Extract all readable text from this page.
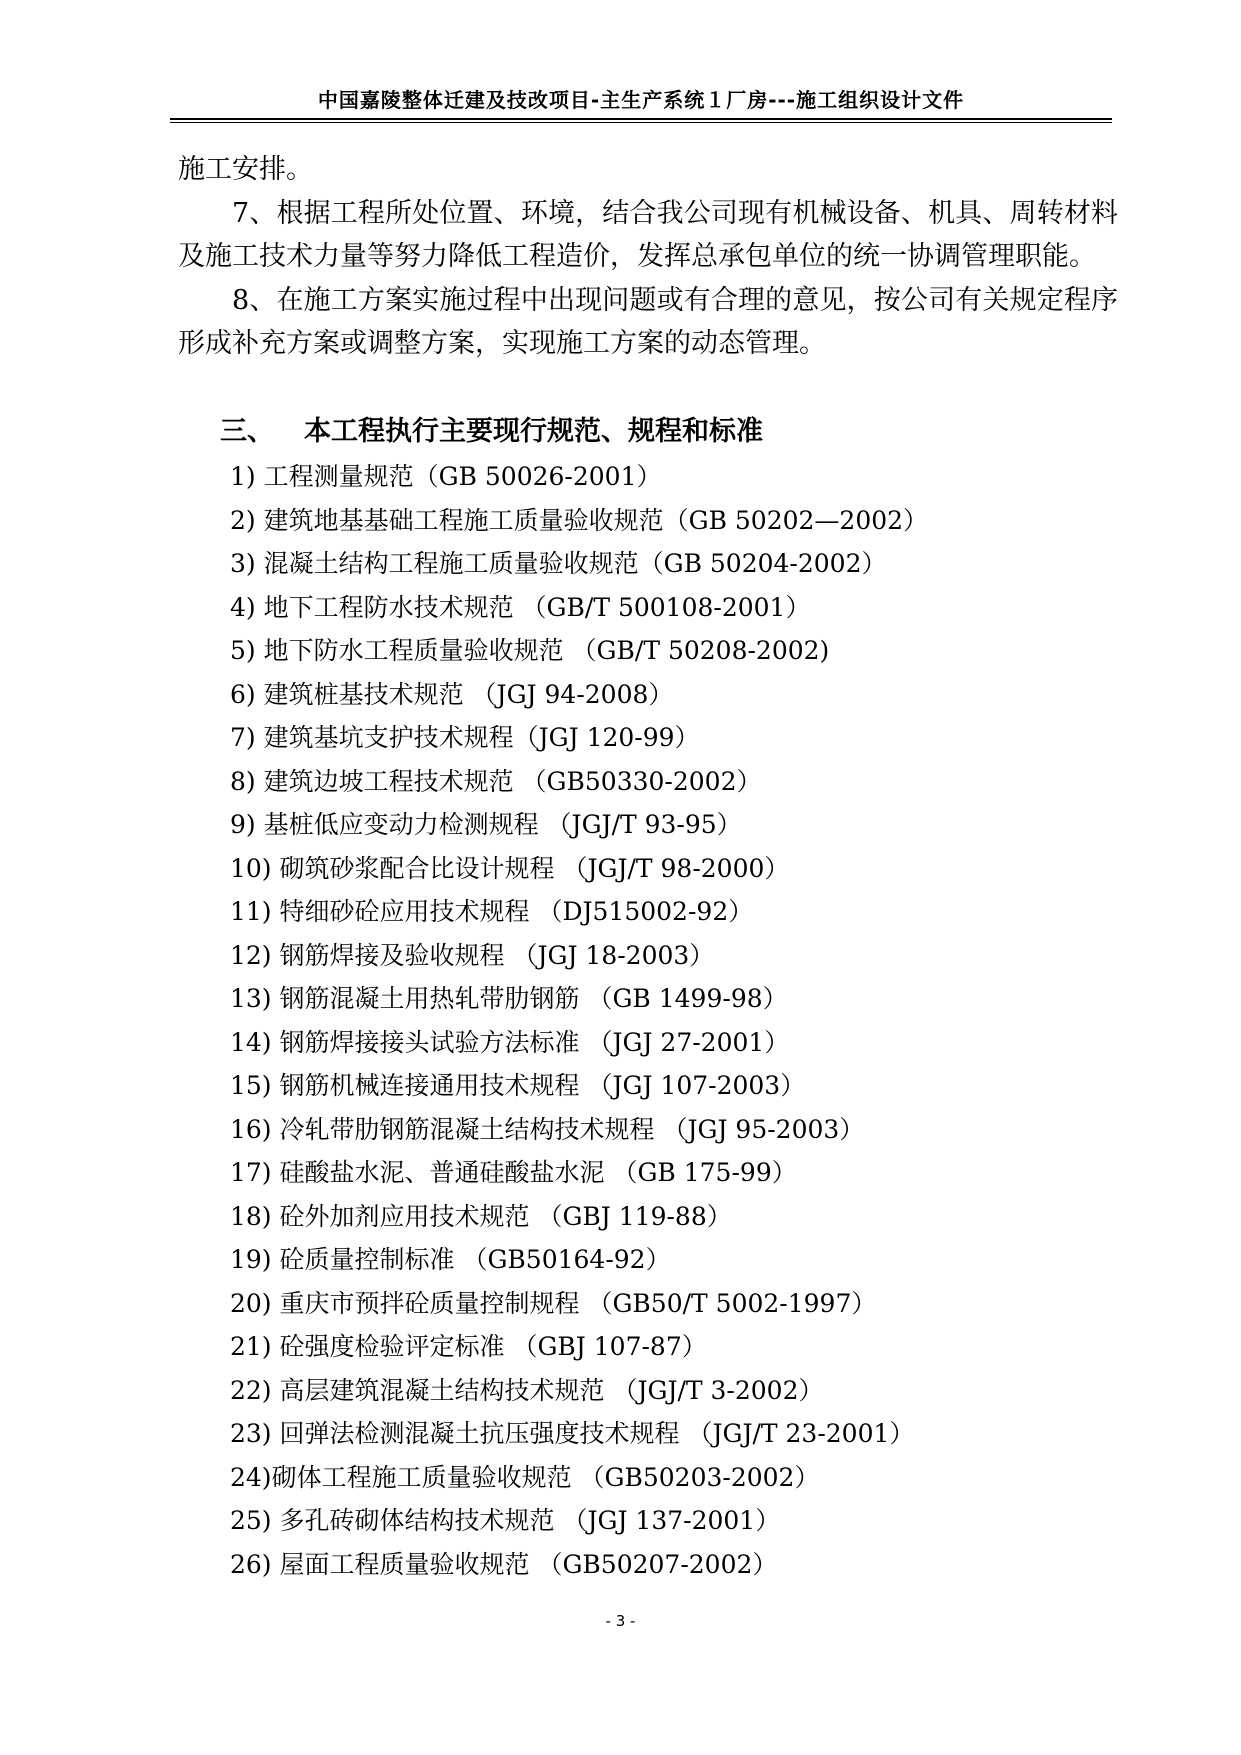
中国嘉陵整体迁建及技改项目-主生产系统１厂房---施工组织设计文件

施工安排。

7、根据工程所处位置、环境，结合我公司现有机械设备、机具、周转材料及施工技术力量等努力降低工程造价，发挥总承包单位的统一协调管理职能。

8、在施工方案实施过程中出现问题或有合理的意见，按公司有关规定程序形成补充方案或调整方案，实现施工方案的动态管理。

三、 本工程执行主要现行规范、规程和标准
1) 工程测量规范（GB 50026-2001）
2) 建筑地基基础工程施工质量验收规范（GB 50202—2002）
3) 混凝土结构工程施工质量验收规范（GB 50204-2002）
4) 地下工程防水技术规范 （GB/T 500108-2001）
5) 地下防水工程质量验收规范 （GB/T 50208-2002)
6) 建筑桩基技术规范 （JGJ 94-2008）
7) 建筑基坑支护技术规程（JGJ 120-99）
8) 建筑边坡工程技术规范 （GB50330-2002）
9) 基桩低应变动力检测规程 （JGJ/T 93-95）
10) 砌筑砂浆配合比设计规程 （JGJ/T 98-2000）
11) 特细砂砼应用技术规程 （DJ515002-92）
12) 钢筋焊接及验收规程 （JGJ 18-2003）
13) 钢筋混凝土用热轧带肋钢筋 （GB 1499-98）
14) 钢筋焊接接头试验方法标准 （JGJ 27-2001）
15) 钢筋机械连接通用技术规程 （JGJ 107-2003）
16) 冷轧带肋钢筋混凝土结构技术规程 （JGJ 95-2003）
17) 硅酸盐水泥、普通硅酸盐水泥 （GB 175-99）
18) 砼外加剂应用技术规范 （GBJ 119-88）
19) 砼质量控制标准 （GB50164-92）
20) 重庆市预拌砼质量控制规程 （GB50/T 5002-1997）
21) 砼强度检验评定标准 （GBJ 107-87）
22) 高层建筑混凝土结构技术规范 （JGJ/T 3-2002）
23) 回弹法检测混凝土抗压强度技术规程 （JGJ/T 23-2001）
24)砌体工程施工质量验收规范 （GB50203-2002）
25) 多孔砖砌体结构技术规范 （JGJ 137-2001）
26) 屋面工程质量验收规范 （GB50207-2002）
- 3 -
